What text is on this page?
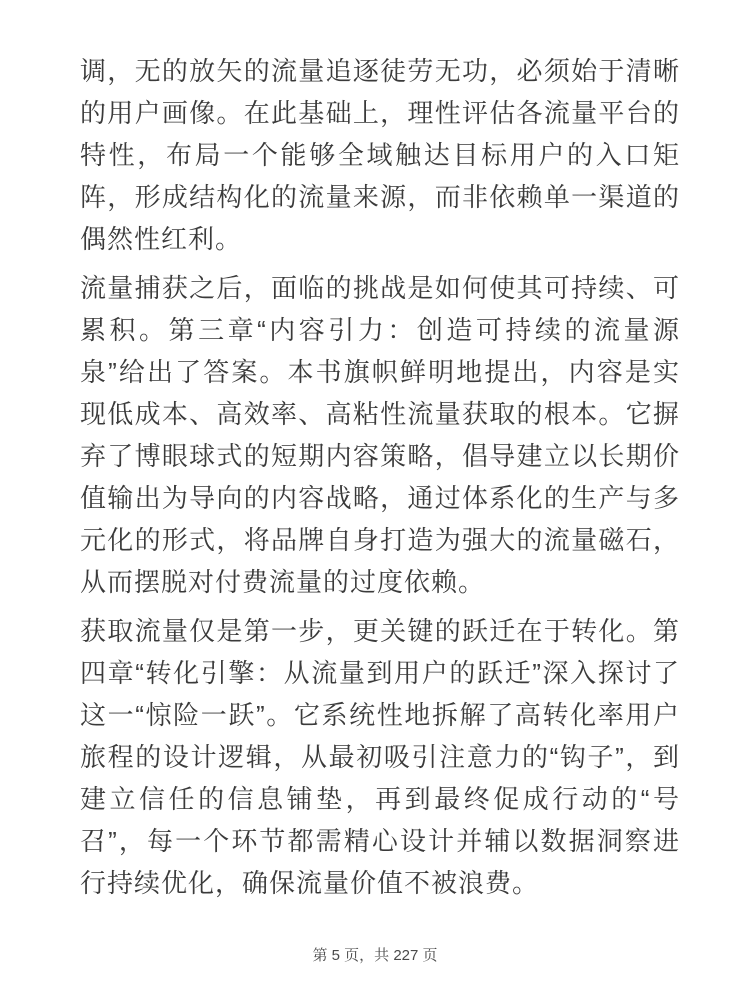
调，无的放矢的流量追逐徒劳无功，必须始于清晰的用户画像。在此基础上，理性评估各流量平台的特性，布局一个能够全域触达目标用户的入口矩阵，形成结构化的流量来源，而非依赖单一渠道的偶然性红利。

流量捕获之后，面临的挑战是如何使其可持续、可累积。第三章“内容引力：创造可持续的流量源泉”给出了答案。本书旗帜鲜明地提出，内容是实现低成本、高效率、高粘性流量获取的根本。它摒弃了博眼球式的短期内容策略，倡导建立以长期价值输出为导向的内容战略，通过体系化的生产与多元化的形式，将品牌自身打造为强大的流量磁石，从而摆脱对付费流量的过度依赖。

获取流量仅是第一步，更关键的跃迁在于转化。第四章“转化引擎：从流量到用户的跃迁”深入探讨了这一“惊险一跃”。它系统性地拆解了高转化率用户旅程的设计逻辑，从最初吸引注意力的“钩子”，到建立信任的信息铺垫，再到最终促成行动的“号召”，每一个环节都需精心设计并辅以数据洞察进行持续优化，确保流量价值不被浪费。

第 5 页，共 227 页
